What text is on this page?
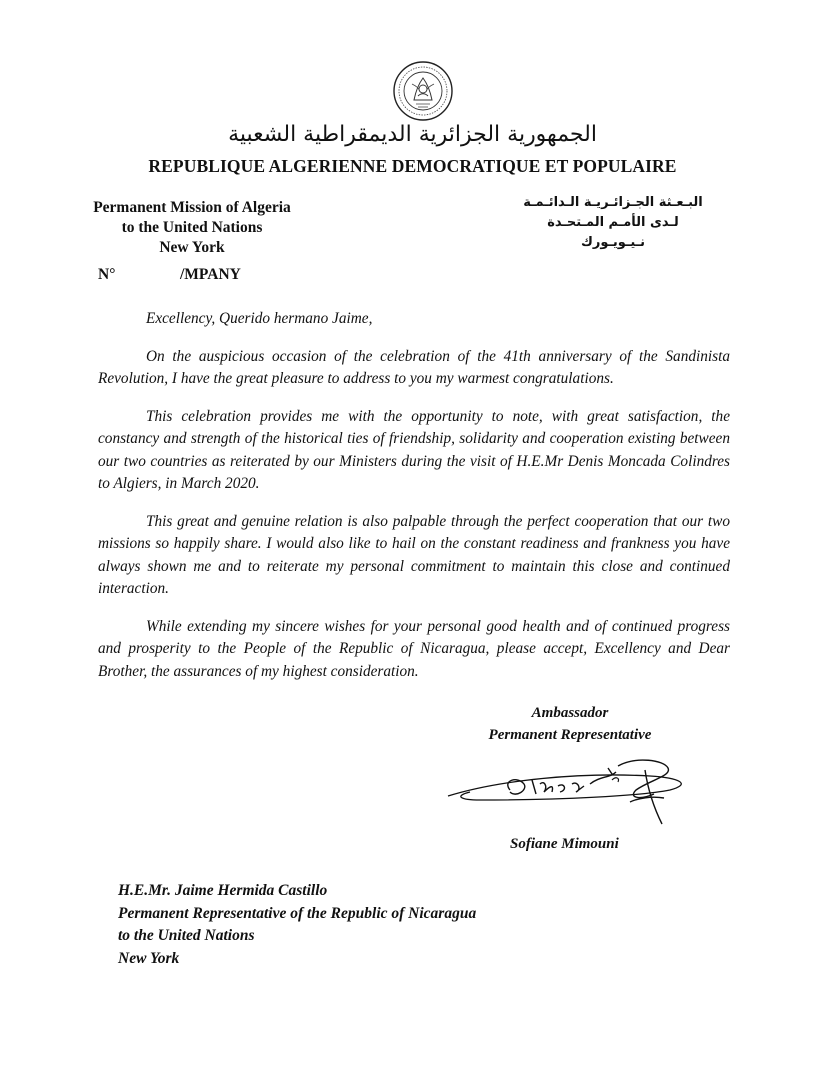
الجمهورية الجزائرية الديمقراطية الشعبية
REPUBLIQUE ALGERIENNE DEMOCRATIQUE ET POPULAIRE
Permanent Mission of Algeria
to the United Nations
New York
البـعـثة الجـزائـريـة الـدائـمـة
لـدى الأمـم المـتحـدة
نـيـويـورك
N°	/MPANY

Excellency, Querido hermano Jaime,

On the auspicious occasion of the celebration of the 41th anniversary of the Sandinista Revolution, I have the great pleasure to address to you my warmest congratulations.

This celebration provides me with the opportunity to note, with great satisfaction, the constancy and strength of the historical ties of friendship, solidarity and cooperation existing between our two countries as reiterated by our Ministers during the visit of H.E.Mr Denis Moncada Colindres to Algiers, in March 2020.

This great and genuine relation is also palpable through the perfect cooperation that our two missions so happily share. I would also like to hail on the constant readiness and frankness you have always shown me and to reiterate my personal commitment to maintain this close and continued interaction.

While extending my sincere wishes for your personal good health and of continued progress and prosperity to the People of the Republic of Nicaragua, please accept, Excellency and Dear Brother, the assurances of my highest consideration.

Ambassador
Permanent Representative
Sofiane Mimouni
H.E.Mr. Jaime Hermida Castillo
Permanent Representative of the Republic of Nicaragua
to the United Nations
New York
